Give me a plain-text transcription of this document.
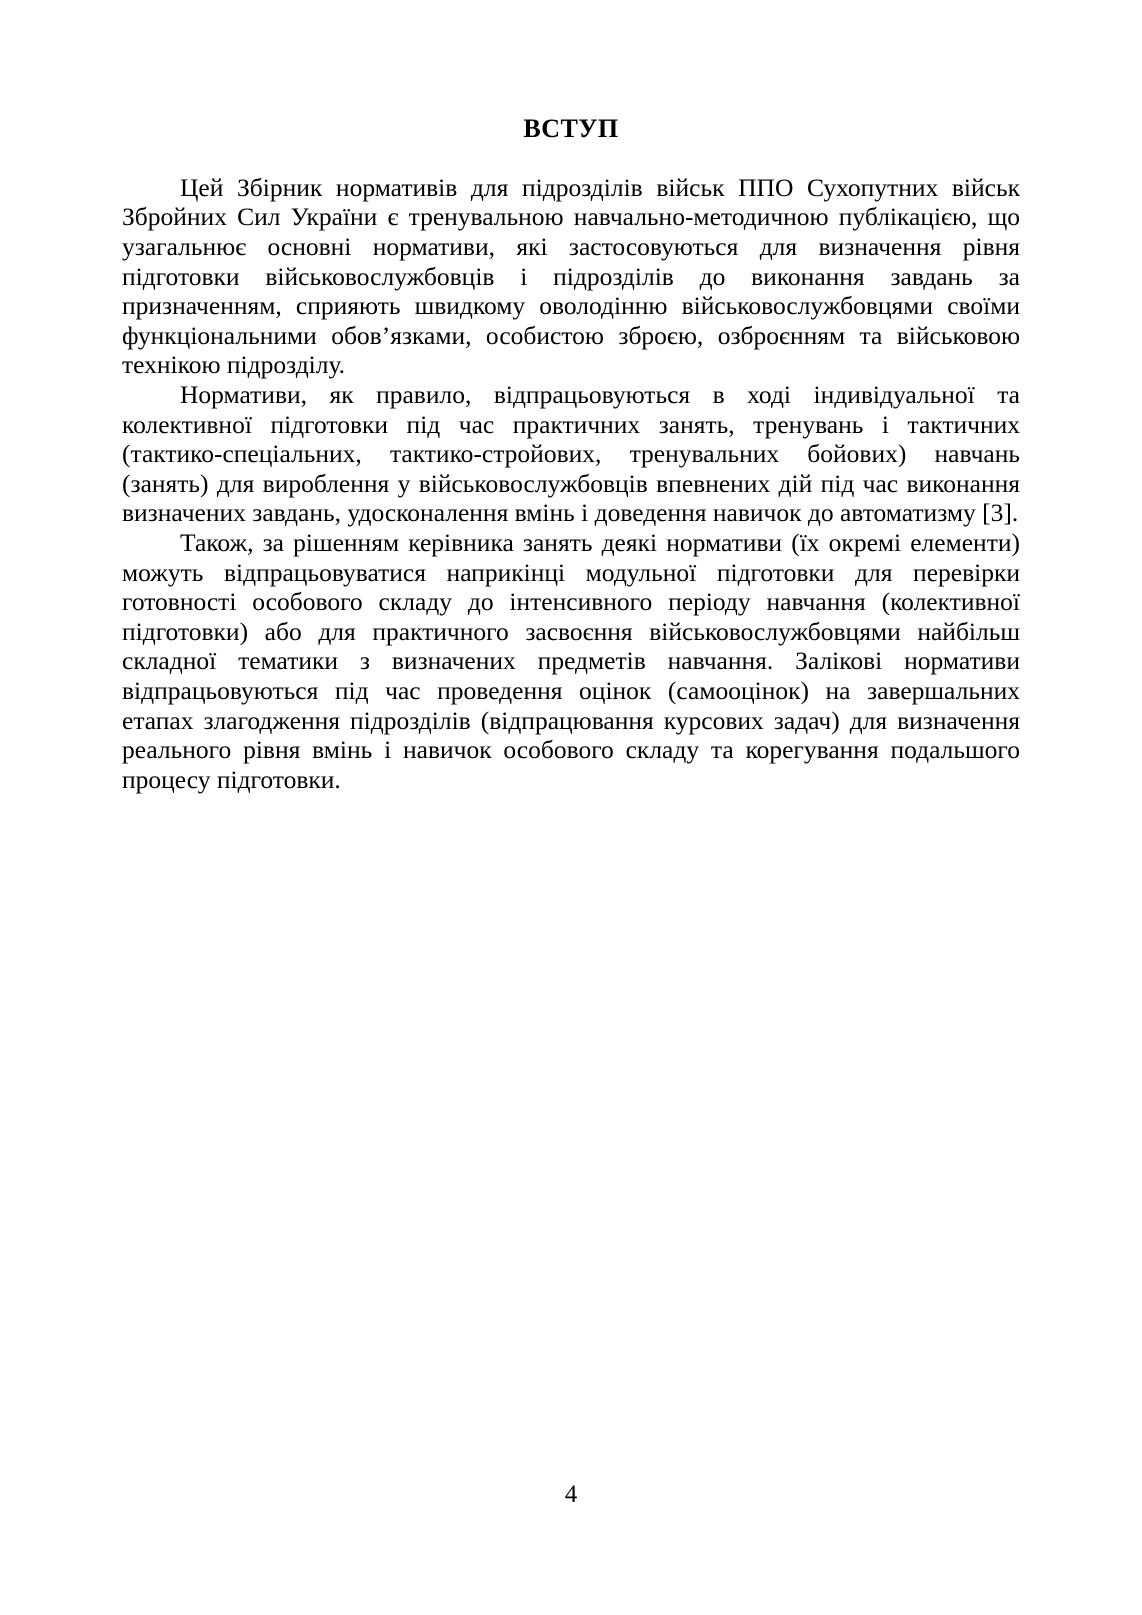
ВСТУП

Цей Збірник нормативів для підрозділів військ ППО Сухопутних військ Збройних Сил України є тренувальною навчально-методичною публікацією, що узагальнює основні нормативи, які застосовуються для визначення рівня підготовки військовослужбовців і підрозділів до виконання завдань за призначенням, сприяють швидкому оволодінню військовослужбовцями своїми функціональними обов’язками, особистою зброєю, озброєнням та військовою технікою підрозділу.

Нормативи, як правило, відпрацьовуються в ході індивідуальної та колективної підготовки під час практичних занять, тренувань і тактичних (тактико-спеціальних, тактико-стройових, тренувальних бойових) навчань (занять) для вироблення у військовослужбовців впевнених дій під час виконання визначених завдань, удосконалення вмінь і доведення навичок до автоматизму [3].

Також, за рішенням керівника занять деякі нормативи (їх окремі елементи) можуть відпрацьовуватися наприкінці модульної підготовки для перевірки готовності особового складу до інтенсивного періоду навчання (колективної підготовки) або для практичного засвоєння військовослужбовцями найбільш складної тематики з визначених предметів навчання. Залікові нормативи відпрацьовуються під час проведення оцінок (самооцінок) на завершальних етапах злагодження підрозділів (відпрацювання курсових задач) для визначення реального рівня вмінь і навичок особового складу та корегування подальшого процесу підготовки.

4
